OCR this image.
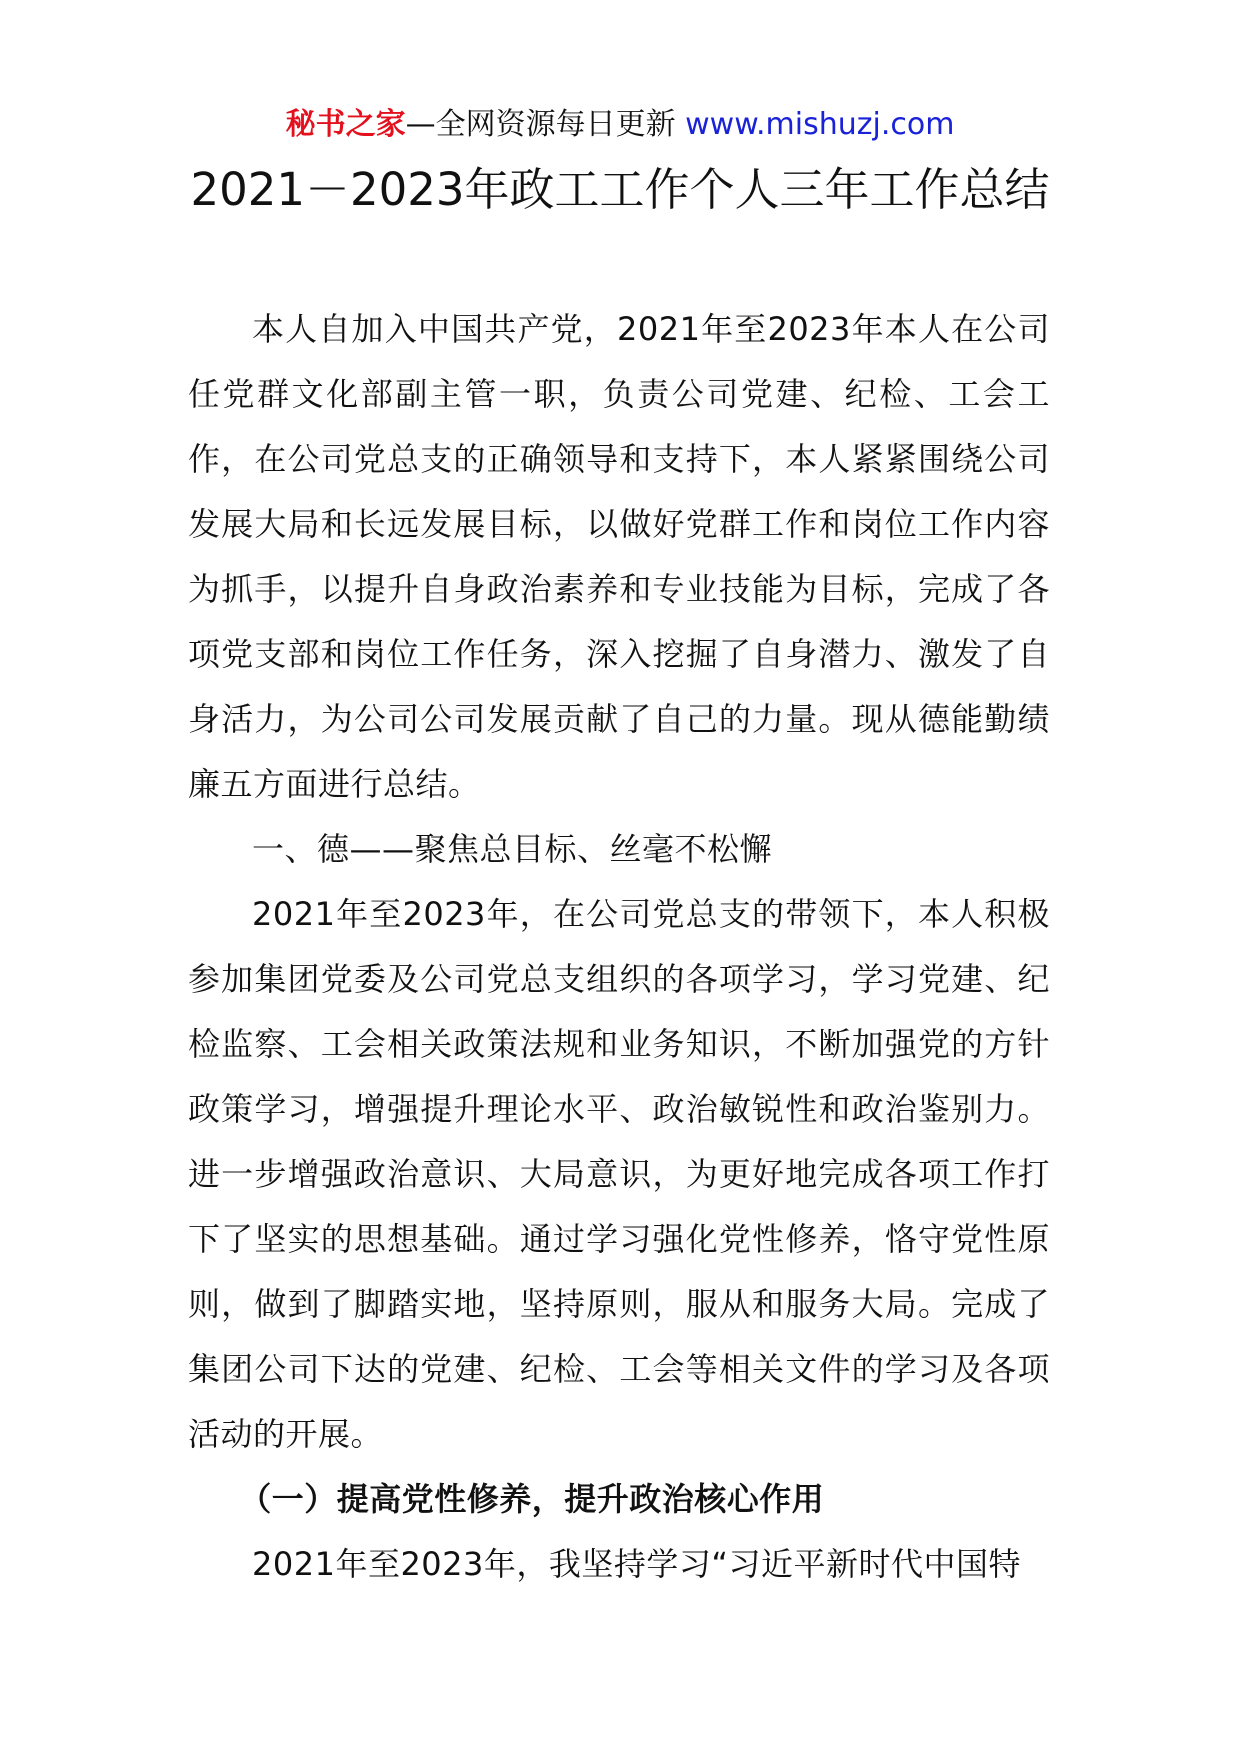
秘书之家—全网资源每日更新 www.mishuzj.com
2021－2023年政工工作个人三年工作总结

本人自加入中国共产党，2021年至2023年本人在公司任党群文化部副主管一职，负责公司党建、纪检、工会工作，在公司党总支的正确领导和支持下，本人紧紧围绕公司发展大局和长远发展目标，以做好党群工作和岗位工作内容为抓手，以提升自身政治素养和专业技能为目标，完成了各项党支部和岗位工作任务，深入挖掘了自身潜力、激发了自身活力，为公司公司发展贡献了自己的力量。现从德能勤绩廉五方面进行总结。

一、德——聚焦总目标、丝毫不松懈

2021年至2023年，在公司党总支的带领下，本人积极参加集团党委及公司党总支组织的各项学习，学习党建、纪检监察、工会相关政策法规和业务知识，不断加强党的方针政策学习，增强提升理论水平、政治敏锐性和政治鉴别力。进一步增强政治意识、大局意识，为更好地完成各项工作打下了坚实的思想基础。通过学习强化党性修养，恪守党性原则，做到了脚踏实地，坚持原则，服从和服务大局。完成了集团公司下达的党建、纪检、工会等相关文件的学习及各项活动的开展。

（一）提高党性修养，提升政治核心作用

2021年至2023年，我坚持学习“习近平新时代中国特
